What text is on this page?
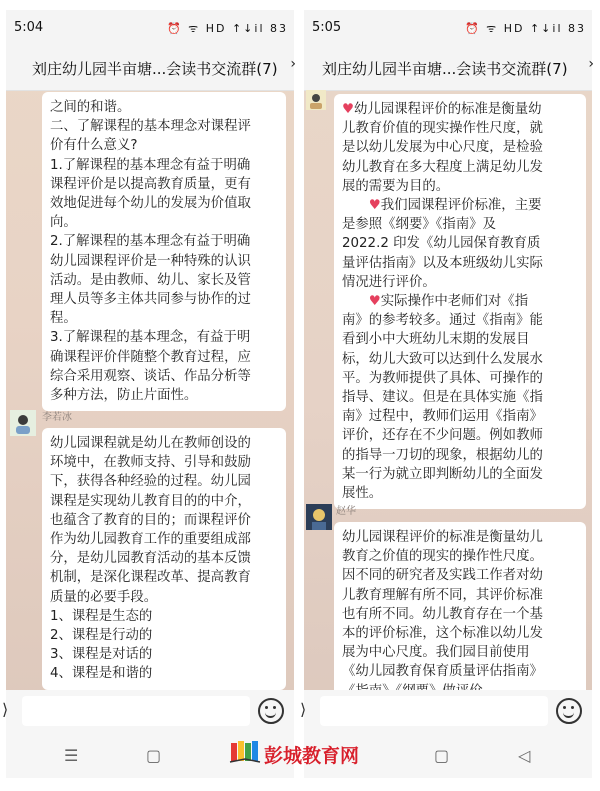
5:04	⏰ ᯤ HD ↑↓il 83
刘庄幼儿园半亩塘...会读书交流群(7) ›

之间的和谐。

二、了解课程的基本理念对课程评

价有什么意义?

1.了解课程的基本理念有益于明确

课程评价是以提高教育质量，更有

效地促进每个幼儿的发展为价值取

向。

2.了解课程的基本理念有益于明确

幼儿园课程评价是一种特殊的认识

活动。是由教师、幼儿、家长及管

理人员等多主体共同参与协作的过

程。

3.了解课程的基本理念，有益于明

确课程评价伴随整个教育过程，应

综合采用观察、谈话、作品分析等

多种方法，防止片面性。

李若冰

幼儿园课程就是幼儿在教师创设的

环境中，在教师支持、引导和鼓励

下，获得各种经验的过程。幼儿园

课程是实现幼儿教育目的的中介，

也蕴含了教育的目的；而课程评价

作为幼儿园教育工作的重要组成部

分，是幼儿园教育活动的基本反馈

机制，是深化课程改革、提高教育

质量的必要手段。

1、课程是生态的

2、课程是行动的

3、课程是对话的

4、课程是和谐的

⟩
☰	▢
5:05	⏰ ᯤ HD ↑↓il 83
刘庄幼儿园半亩塘...会读书交流群(7) ›

♥幼儿园课程评价的标准是衡量幼

儿教育价值的现实操作性尺度，就

是以幼儿发展为中心尺度，是检验

幼儿教育在多大程度上满足幼儿发

展的需要为目的。

  ♥我们园课程评价标准，主要

是参照《纲要》《指南》及

2022.2 印发《幼儿园保育教育质

量评估指南》以及本班级幼儿实际

情况进行评价。

  ♥实际操作中老师们对《指

南》的参考较多。通过《指南》能

看到小中大班幼儿末期的发展目

标，幼儿大致可以达到什么发展水

平。为教师提供了具体、可操作的

指导、建议。但是在具体实施《指

南》过程中，教师们运用《指南》

评价，还存在不少问题。例如教师

的指导一刀切的现象，根据幼儿的

某一行为就立即判断幼儿的全面发

展性。

赵华

幼儿园课程评价的标准是衡量幼儿

教育之价值的现实的操作性尺度。

因不同的研究者及实践工作者对幼

儿教育理解有所不同，其评价标准

也有所不同。幼儿教育存在一个基

本的评价标准，这个标准以幼儿发

展为中心尺度。我们园目前使用

《幼儿园教育保育质量评估指南》

⟩
▢	◁
彭城教育网
